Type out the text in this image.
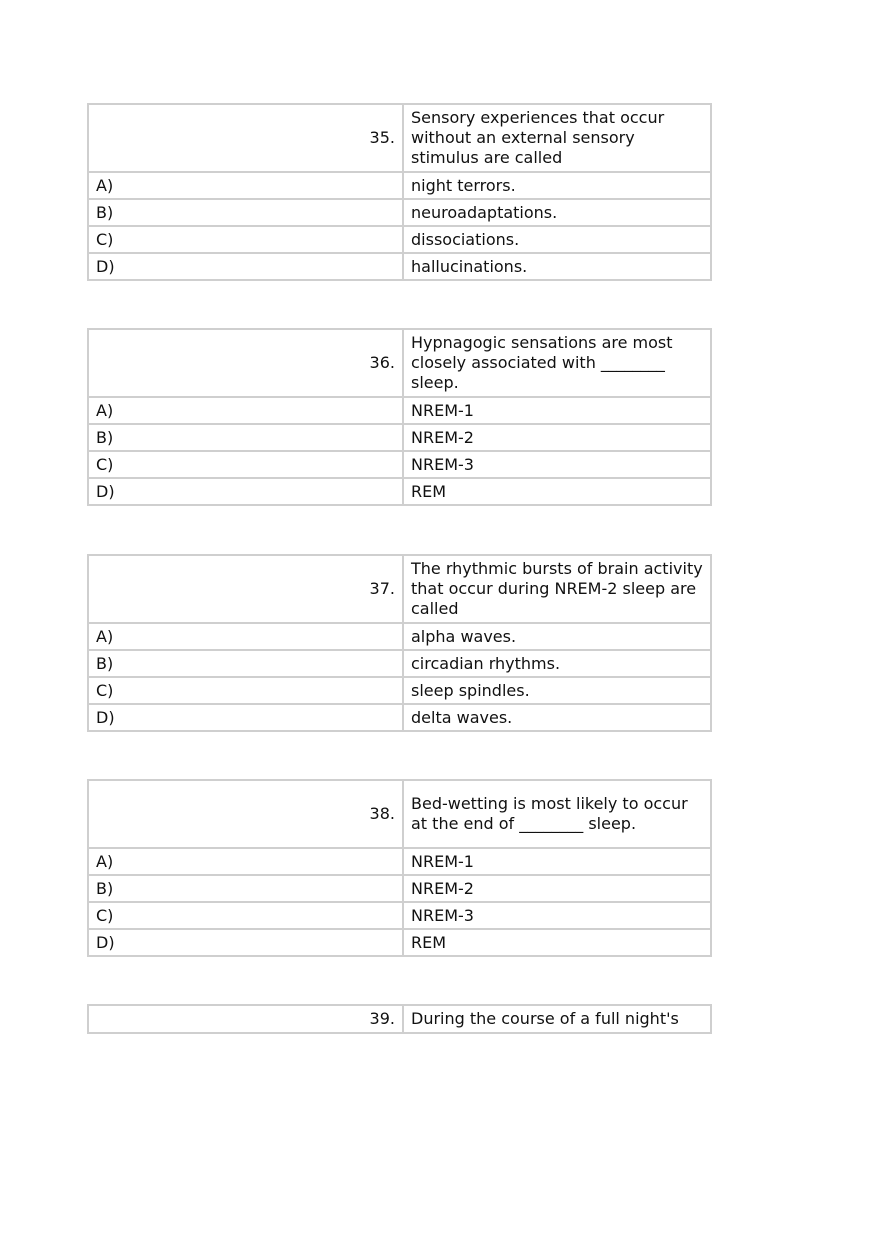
35.	Sensory experiences that occur without an external sensory stimulus are called
A)	night terrors.
B)	neuroadaptations.
C)	dissociations.
D)	hallucinations.
36.	Hypnagogic sensations are most closely associated with ________ sleep.
A)	NREM-1
B)	NREM-2
C)	NREM-3
D)	REM
37.	The rhythmic bursts of brain activity that occur during NREM-2 sleep are called
A)	alpha waves.
B)	circadian rhythms.
C)	sleep spindles.
D)	delta waves.
38.	Bed-wetting is most likely to occur at the end of ________ sleep.
A)	NREM-1
B)	NREM-2
C)	NREM-3
D)	REM
39.	During the course of a full night's
